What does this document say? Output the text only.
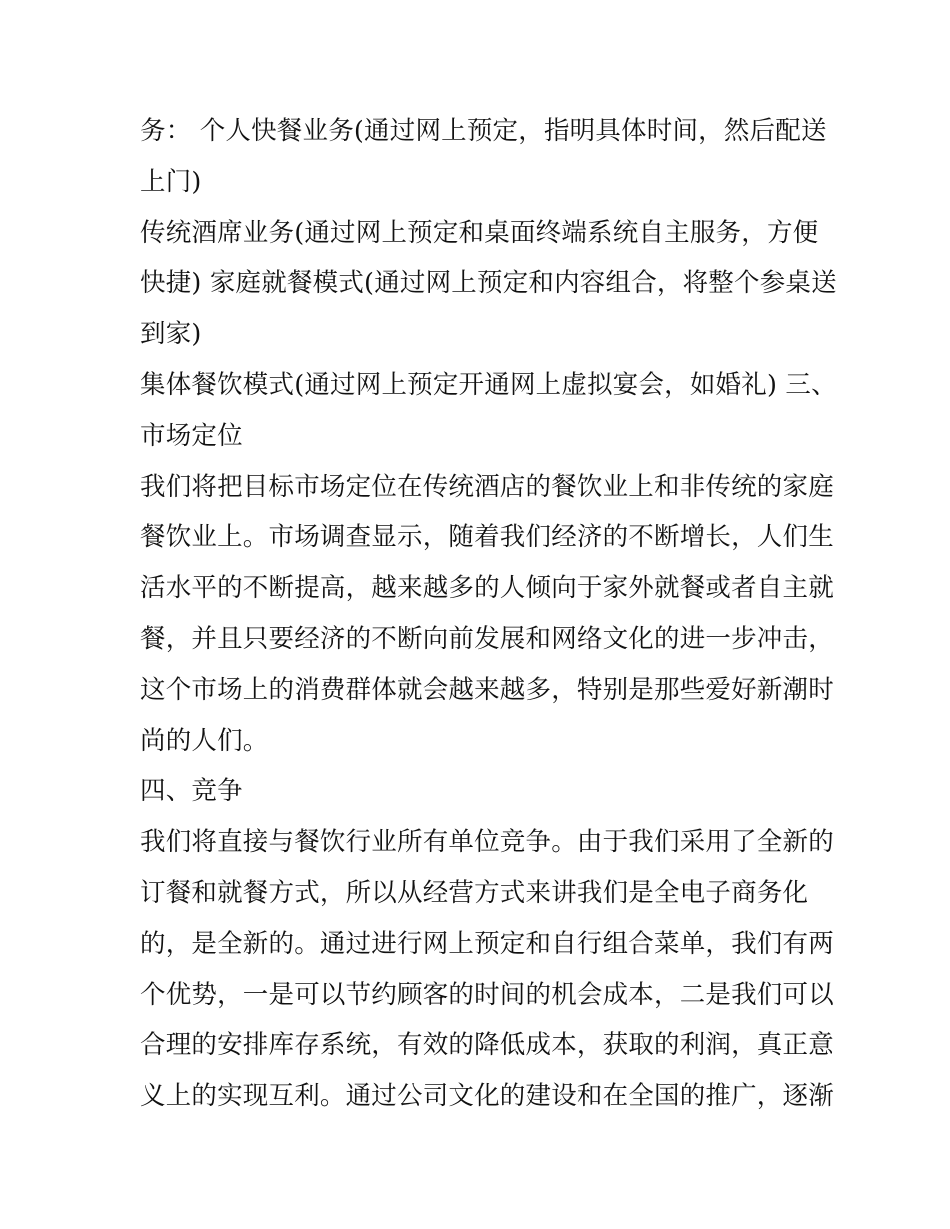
务： 个人快餐业务(通过网上预定，指明具体时间，然后配送
上门)
传统酒席业务(通过网上预定和桌面终端系统自主服务，方便
快捷) 家庭就餐模式(通过网上预定和内容组合，将整个参桌送
到家)
集体餐饮模式(通过网上预定开通网上虚拟宴会，如婚礼) 三、
市场定位
我们将把目标市场定位在传统酒店的餐饮业上和非传统的家庭
餐饮业上。市场调查显示，随着我们经济的不断增长，人们生
活水平的不断提高，越来越多的人倾向于家外就餐或者自主就
餐，并且只要经济的不断向前发展和网络文化的进一步冲击，
这个市场上的消费群体就会越来越多，特别是那些爱好新潮时
尚的人们。
四、竞争
我们将直接与餐饮行业所有单位竞争。由于我们采用了全新的
订餐和就餐方式，所以从经营方式来讲我们是全电子商务化
的，是全新的。通过进行网上预定和自行组合菜单，我们有两
个优势，一是可以节约顾客的时间的机会成本，二是我们可以
合理的安排库存系统，有效的降低成本，获取的利润，真正意
义上的实现互利。通过公司文化的建设和在全国的推广，逐渐
